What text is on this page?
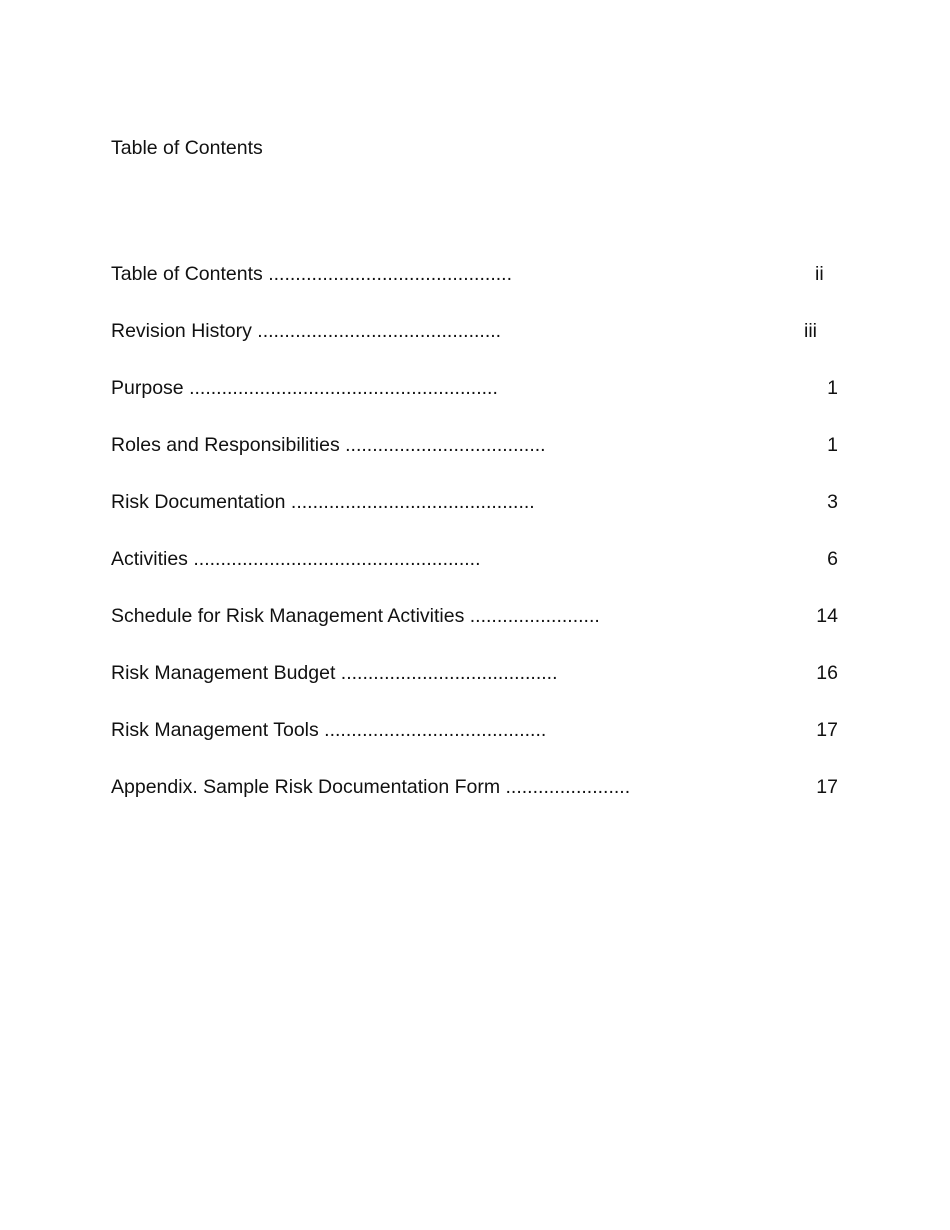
Table of Contents
Table of Contents .............................................	ii
Revision History .............................................	iii
Purpose .........................................................	1
Roles and Responsibilities .....................................	1
Risk Documentation .............................................	3
Activities .....................................................	6
Schedule for Risk Management Activities ........................	14
Risk Management Budget ........................................	16
Risk Management Tools .........................................	17
Appendix. Sample Risk Documentation Form .......................	17
